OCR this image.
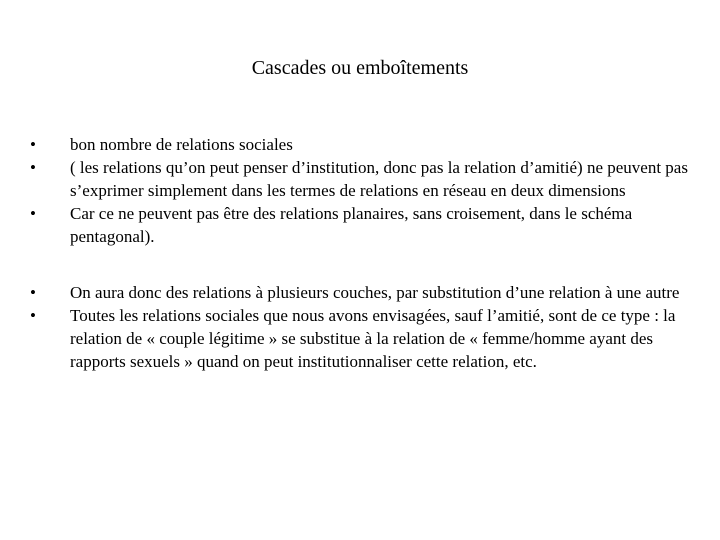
Cascades ou emboîtements
•	bon nombre de relations sociales
•	( les relations qu’on peut penser d’institution, donc pas la relation d’amitié) ne peuvent pas s’exprimer simplement dans les termes de relations en réseau en deux dimensions
•	Car ce ne peuvent pas être des relations planaires, sans croisement, dans le schéma pentagonal).
•	On aura donc des relations à plusieurs couches, par substitution d’une relation à une autre
•	Toutes les relations sociales que nous avons envisagées, sauf l’amitié, sont de ce type : la relation de « couple légitime » se substitue à la relation de « femme/homme ayant des rapports sexuels » quand on peut institutionnaliser cette relation, etc.
